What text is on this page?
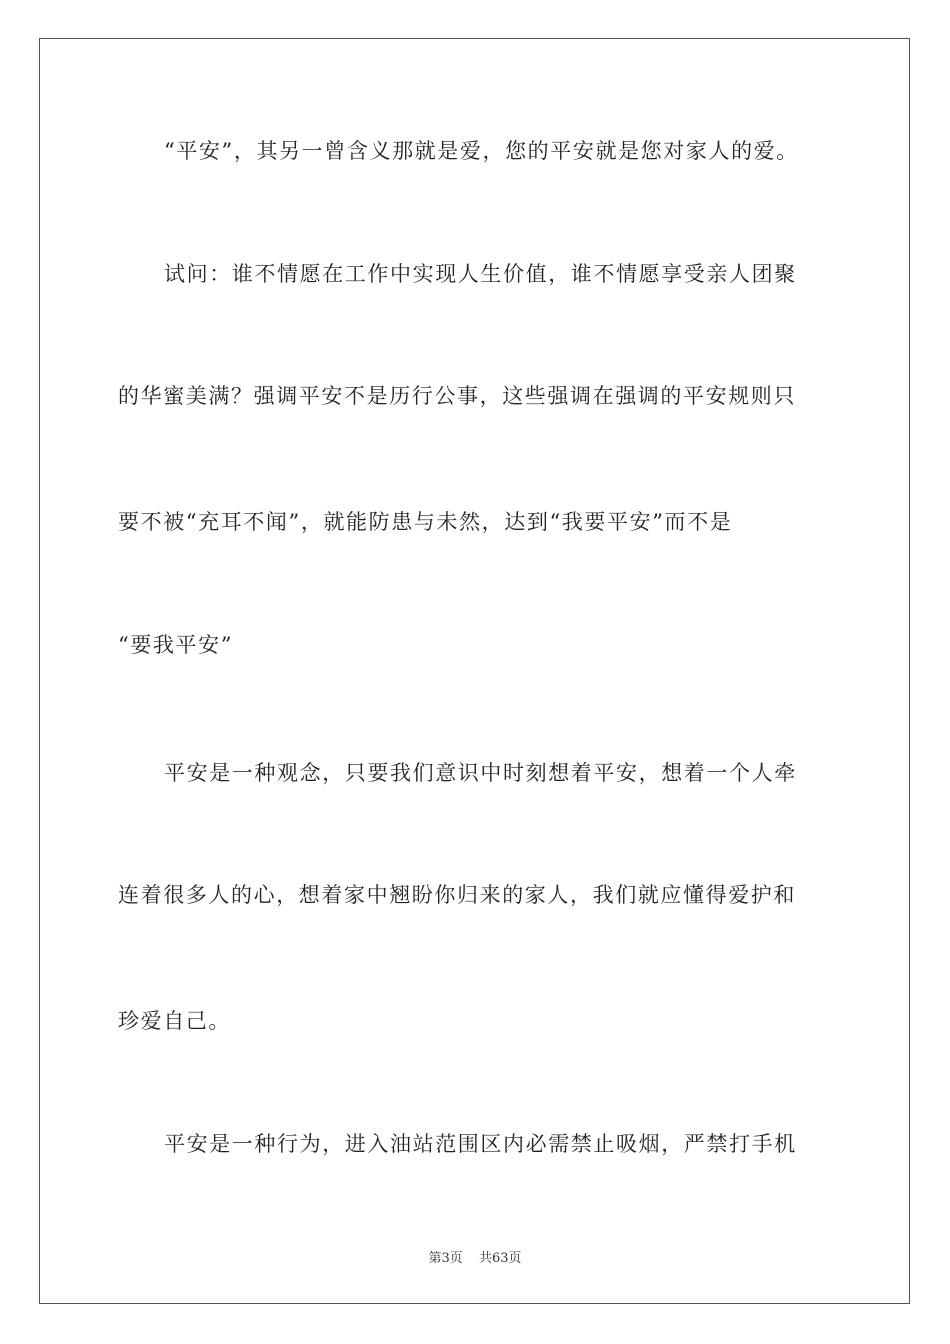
“平安”，其另一曾含义那就是爱，您的平安就是您对家人的爱。
试问：谁不情愿在工作中实现人生价值，谁不情愿享受亲人团聚
的华蜜美满？强调平安不是历行公事，这些强调在强调的平安规则只
要不被“充耳不闻”，就能防患与未然，达到“我要平安”而不是
“要我平安”
平安是一种观念，只要我们意识中时刻想着平安，想着一个人牵
连着很多人的心，想着家中翘盼你归来的家人，我们就应懂得爱护和
珍爱自己。
平安是一种行为，进入油站范围区内必需禁止吸烟，严禁打手机
第3页 共63页
